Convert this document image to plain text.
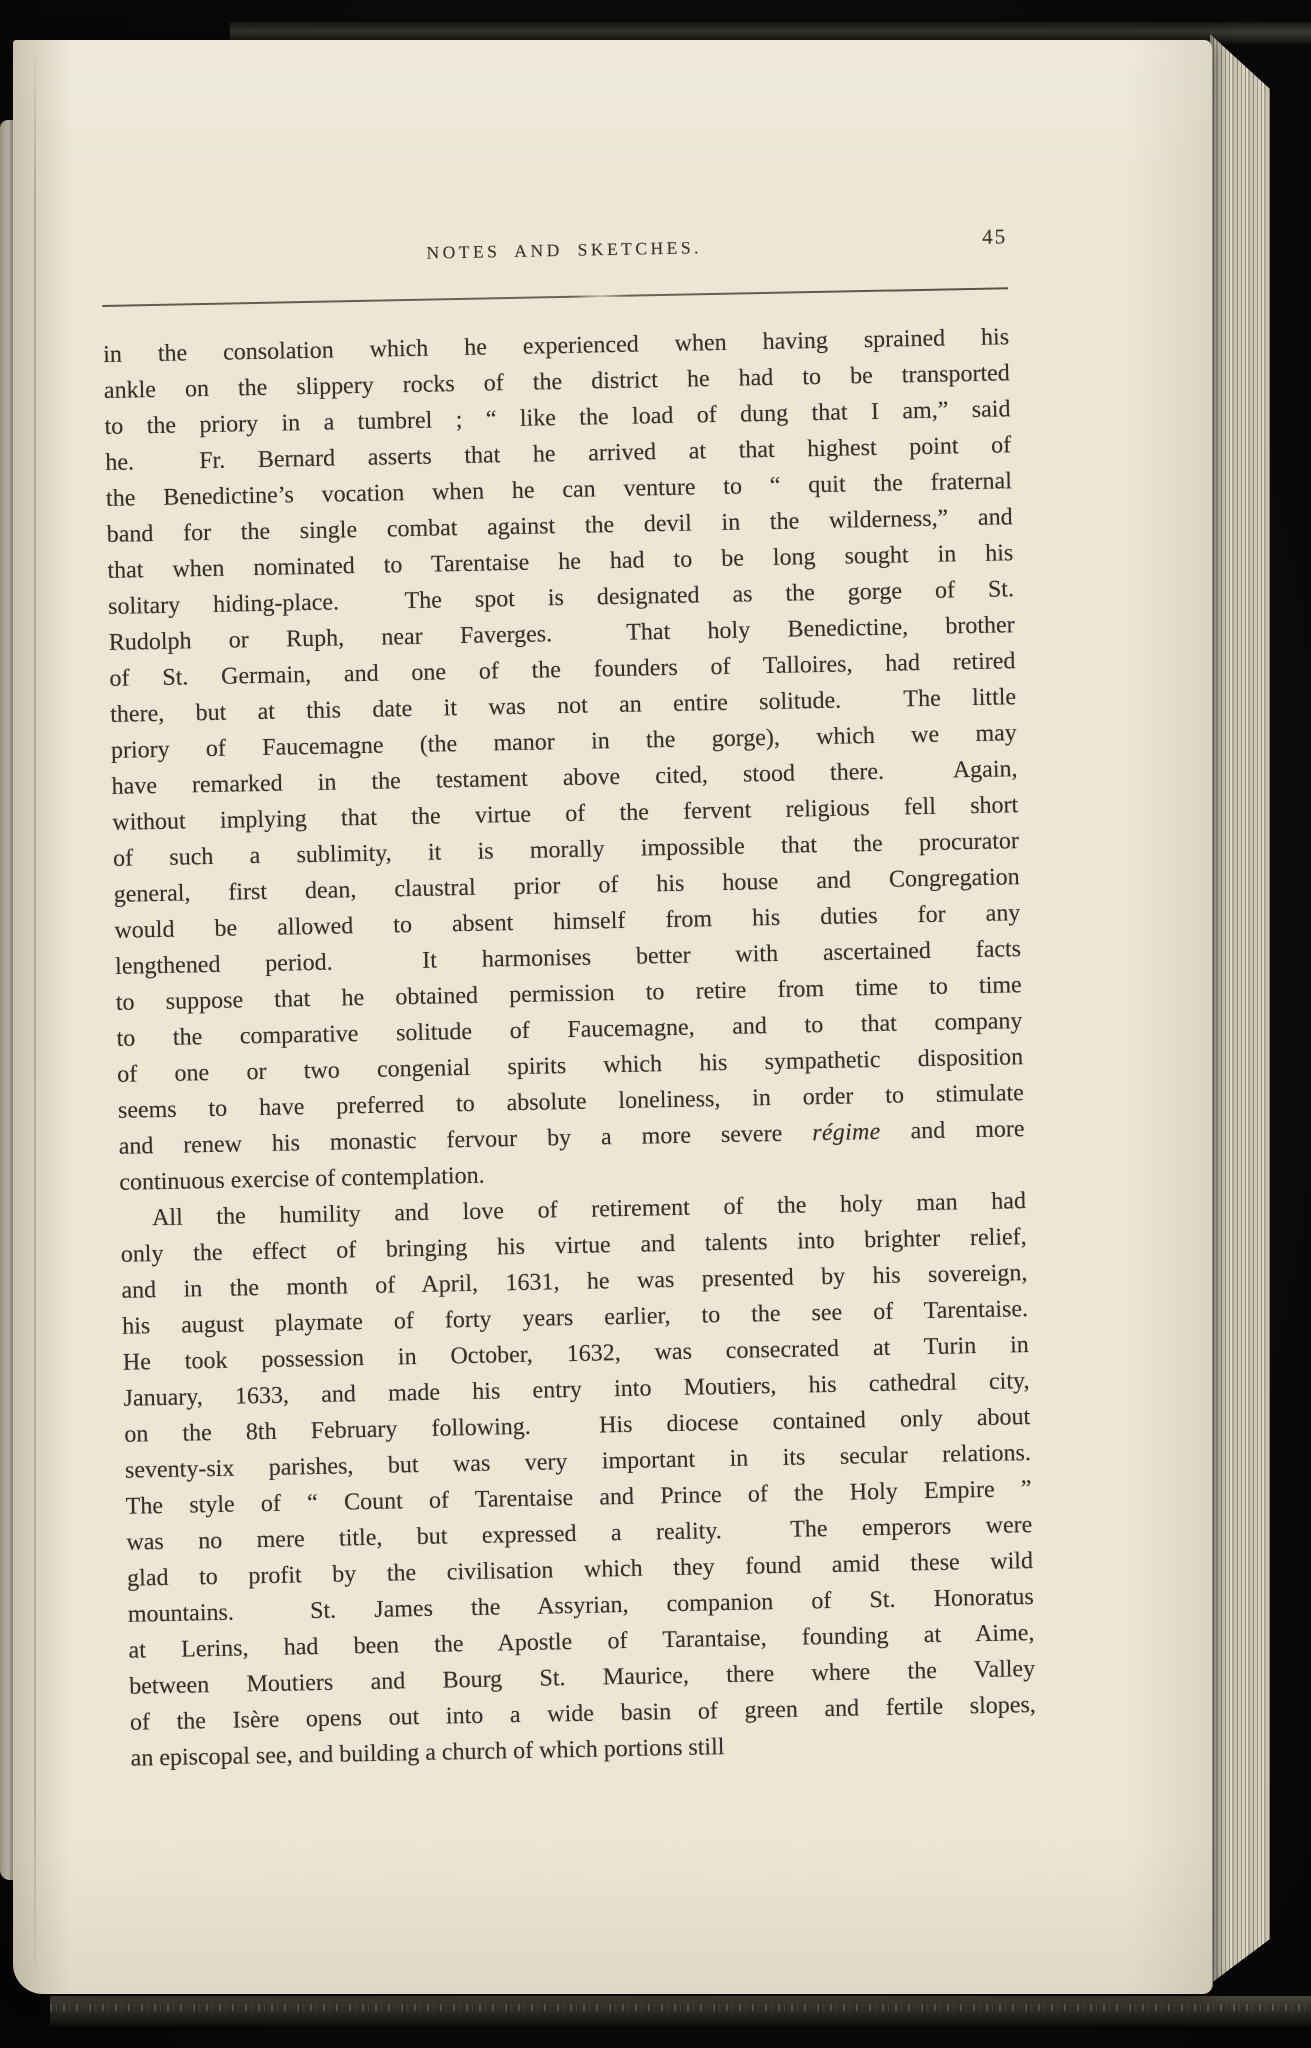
NOTES AND SKETCHES.
45
in the consolation which he experienced when having sprained his
ankle on the slippery rocks of the district he had to be transported
to the priory in a tumbrel ; “ like the load of dung that I am,” said
he.  Fr. Bernard asserts that he arrived at that highest point of
the Benedictine’s vocation when he can venture to “ quit the fraternal
band for the single combat against the devil in the wilderness,” and
that when nominated to Tarentaise he had to be long sought in his
solitary hiding-place.  The spot is designated as the gorge of St.
Rudolph or Ruph, near Faverges.  That holy Benedictine, brother
of St. Germain, and one of the founders of Talloires, had retired
there, but at this date it was not an entire solitude.  The little
priory of Faucemagne (the manor in the gorge), which we may
have remarked in the testament above cited, stood there.  Again,
without implying that the virtue of the fervent religious fell short
of such a sublimity, it is morally impossible that the procurator
general, first dean, claustral prior of his house and Congregation
would be allowed to absent himself from his duties for any
lengthened period.  It harmonises better with ascertained facts
to suppose that he obtained permission to retire from time to time
to the comparative solitude of Faucemagne, and to that company
of one or two congenial spirits which his sympathetic disposition
seems to have preferred to absolute loneliness, in order to stimulate
and renew his monastic fervour by a more severe régime and more
continuous exercise of contemplation.
All the humility and love of retirement of the holy man had
only the effect of bringing his virtue and talents into brighter relief,
and in the month of April, 1631, he was presented by his sovereign,
his august playmate of forty years earlier, to the see of Tarentaise.
He took possession in October, 1632, was consecrated at Turin in
January, 1633, and made his entry into Moutiers, his cathedral city,
on the 8th February following.  His diocese contained only about
seventy-six parishes, but was very important in its secular relations.
The style of “ Count of Tarentaise and Prince of the Holy Empire ”
was no mere title, but expressed a reality.  The emperors were
glad to profit by the civilisation which they found amid these wild
mountains.  St. James the Assyrian, companion of St. Honoratus
at Lerins, had been the Apostle of Tarantaise, founding at Aime,
between Moutiers and Bourg St. Maurice, there where the Valley
of the Isère opens out into a wide basin of green and fertile slopes,
an episcopal see, and building a church of which portions still
